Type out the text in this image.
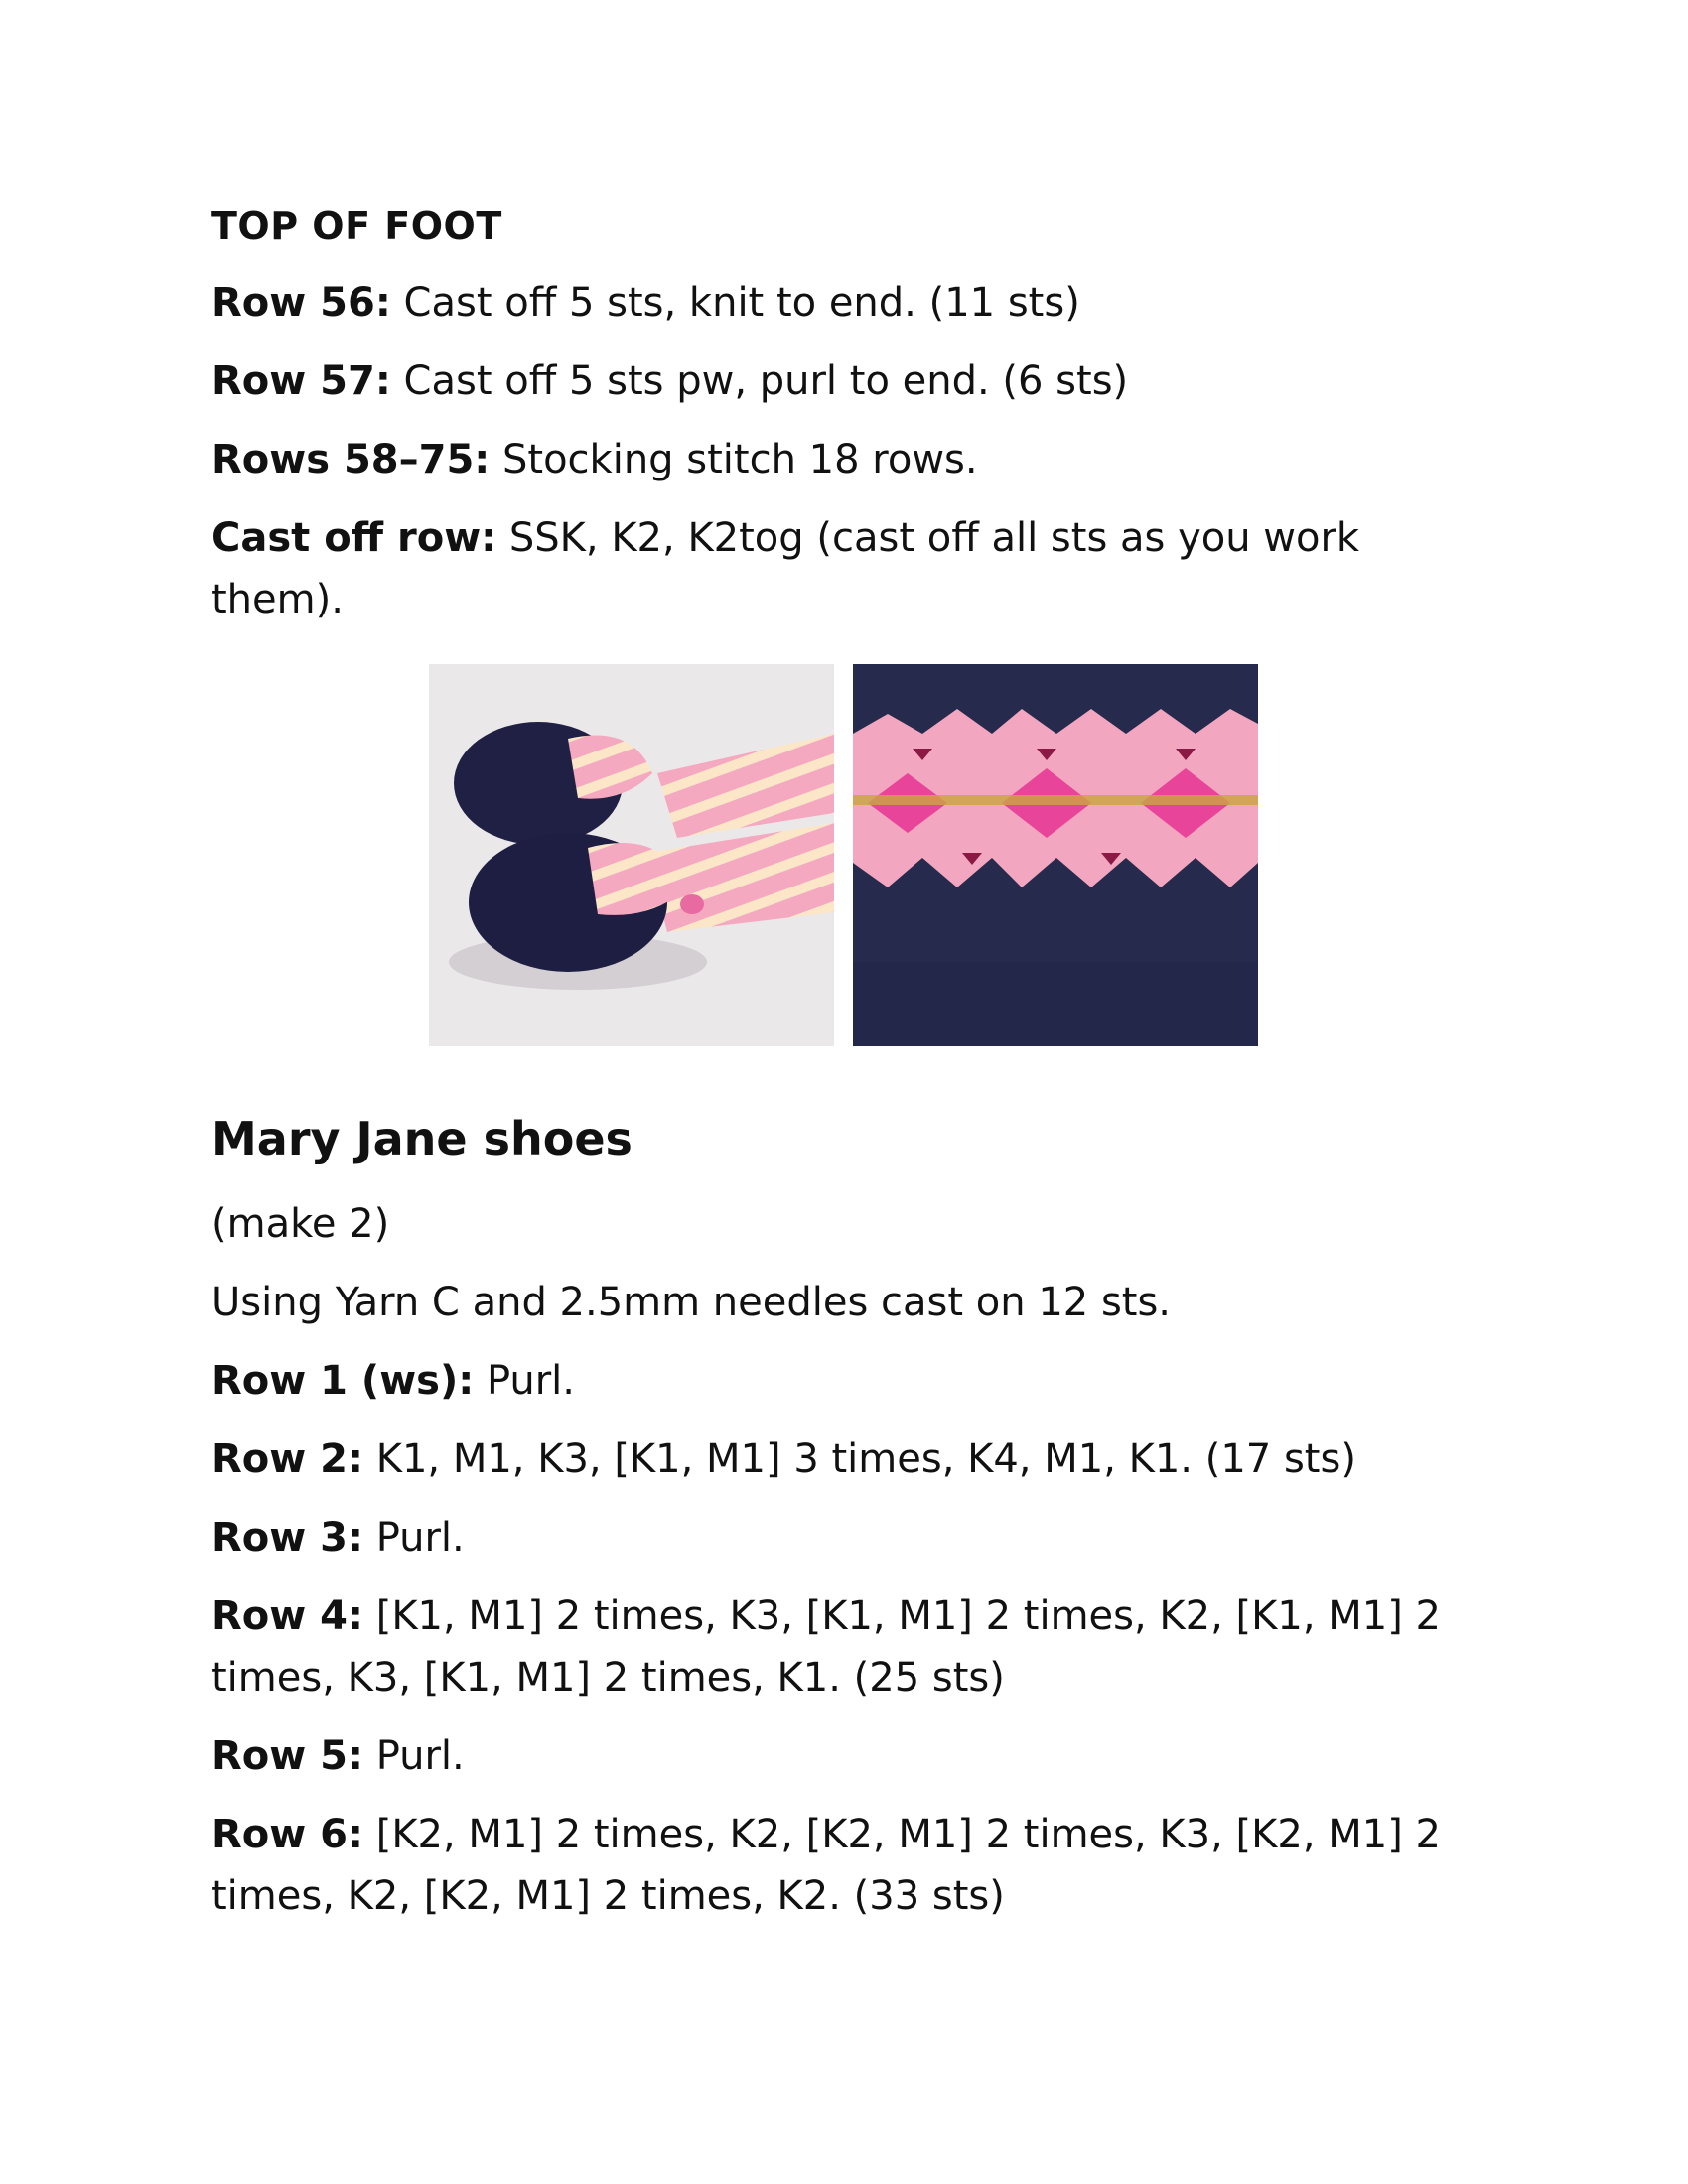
TOP OF FOOT
Row 56: Cast off 5 sts, knit to end. (11 sts)
Row 57: Cast off 5 sts pw, purl to end. (6 sts)
Rows 58–75: Stocking stitch 18 rows.
Cast off row: SSK, K2, K2tog (cast off all sts as you work them).
Mary Jane shoes
(make 2)
Using Yarn C and 2.5mm needles cast on 12 sts.
Row 1 (ws): Purl.
Row 2: K1, M1, K3, [K1, M1] 3 times, K4, M1, K1. (17 sts)
Row 3: Purl.
Row 4: [K1, M1] 2 times, K3, [K1, M1] 2 times, K2, [K1, M1] 2 times, K3, [K1, M1] 2 times, K1. (25 sts)
Row 5: Purl.
Row 6: [K2, M1] 2 times, K2, [K2, M1] 2 times, K3, [K2, M1] 2 times, K2, [K2, M1] 2 times, K2. (33 sts)
